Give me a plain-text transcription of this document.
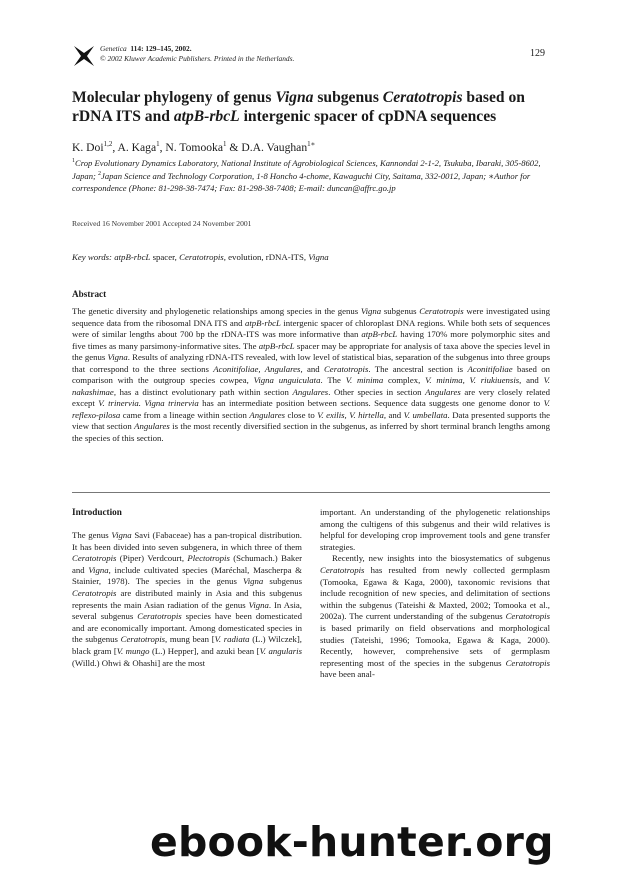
Genetica 114: 129–145, 2002.
© 2002 Kluwer Academic Publishers. Printed in the Netherlands.	129
Molecular phylogeny of genus Vigna subgenus Ceratotropis based on rDNA ITS and atpB-rbcL intergenic spacer of cpDNA sequences
K. Doi$^{1,2}$, A. Kaga$^1$, N. Tomooka$^1$ & D.A. Vaughan$^{1∗}$
$^1$Crop Evolutionary Dynamics Laboratory, National Institute of Agrobiological Sciences, Kannondai 2-1-2, Tsukuba, Ibaraki, 305-8602, Japan; $^2$Japan Science and Technology Corporation, 1-8 Honcho 4-chome, Kawaguchi City, Saitama, 332-0012, Japan; ∗Author for correspondence (Phone: 81-298-38-7474; Fax: 81-298-38-7408; E-mail: duncan@affrc.go.jp
Received 16 November 2001 Accepted 24 November 2001
Key words: atpB-rbcL spacer, Ceratotropis, evolution, rDNA-ITS, Vigna
Abstract
The genetic diversity and phylogenetic relationships among species in the genus Vigna subgenus Ceratotropis were investigated using sequence data from the ribosomal DNA ITS and atpB-rbcL intergenic spacer of chloroplast DNA regions. While both sets of sequences were of similar lengths about 700 bp the rDNA-ITS was more informative than atpB-rbcL having 170% more polymorphic sites and five times as many parsimony-informative sites. The atpB-rbcL spacer may be appropriate for analysis of taxa above the species level in the genus Vigna. Results of analyzing rDNA-ITS revealed, with low level of statistical bias, separation of the subgenus into three groups that correspond to the three sections Aconitifoliae, Angulares, and Ceratotropis. The ancestral section is Aconitifoliae based on comparison with the outgroup species cowpea, Vigna unguiculata. The V. minima complex, V. minima, V. riukiuensis, and V. nakashimae, has a distinct evolutionary path within section Angulares. Other species in section Angulares are very closely related except V. trinervia. Vigna trinervia has an intermediate position between sections. Sequence data suggests one genome donor to V. reflexo-pilosa came from a lineage within section Angulares close to V. exilis, V. hirtella, and V. umbellata. Data presented supports the view that section Angulares is the most recently diversified section in the subgenus, as inferred by short terminal branch lengths among the species of this section.
Introduction

The genus Vigna Savi (Fabaceae) has a pan-tropical distribution. It has been divided into seven subgenera, in which three of them Ceratotropis (Piper) Verdcourt, Plectotropis (Schumach.) Baker and Vigna, include cultivated species (Maréchal, Mascherpa & Stainier, 1978). The species in the genus Vigna subgenus Ceratotropis are distributed mainly in Asia and this subgenus represents the main Asian radiation of the genus Vigna. In Asia, several subgenus Ceratotropis species have been domesticated and are economically important. Among domesticated species in the subgenus Ceratotropis, mung bean [V. radiata (L.) Wilczek], black gram [V. mungo (L.) Hepper], and azuki bean [V. angularis (Willd.) Ohwi & Ohashi] are the most

important. An understanding of the phylogenetic relationships among the cultigens of this subgenus and their wild relatives is helpful for developing crop improvement tools and gene transfer strategies.

Recently, new insights into the biosystematics of subgenus Ceratotropis has resulted from newly collected germplasm (Tomooka, Egawa & Kaga, 2000), taxonomic revisions that include recognition of new species, and delimitation of sections within the subgenus (Tateishi & Maxted, 2002; Tomooka et al., 2002a). The current understanding of the subgenus Ceratotropis is based primarily on field observations and morphological studies (Tateishi, 1996; Tomooka, Egawa & Kaga, 2000). Recently, however, comprehensive sets of germplasm representing most of the species in the subgenus Ceratotropis have been anal-

ebook-hunter.org
